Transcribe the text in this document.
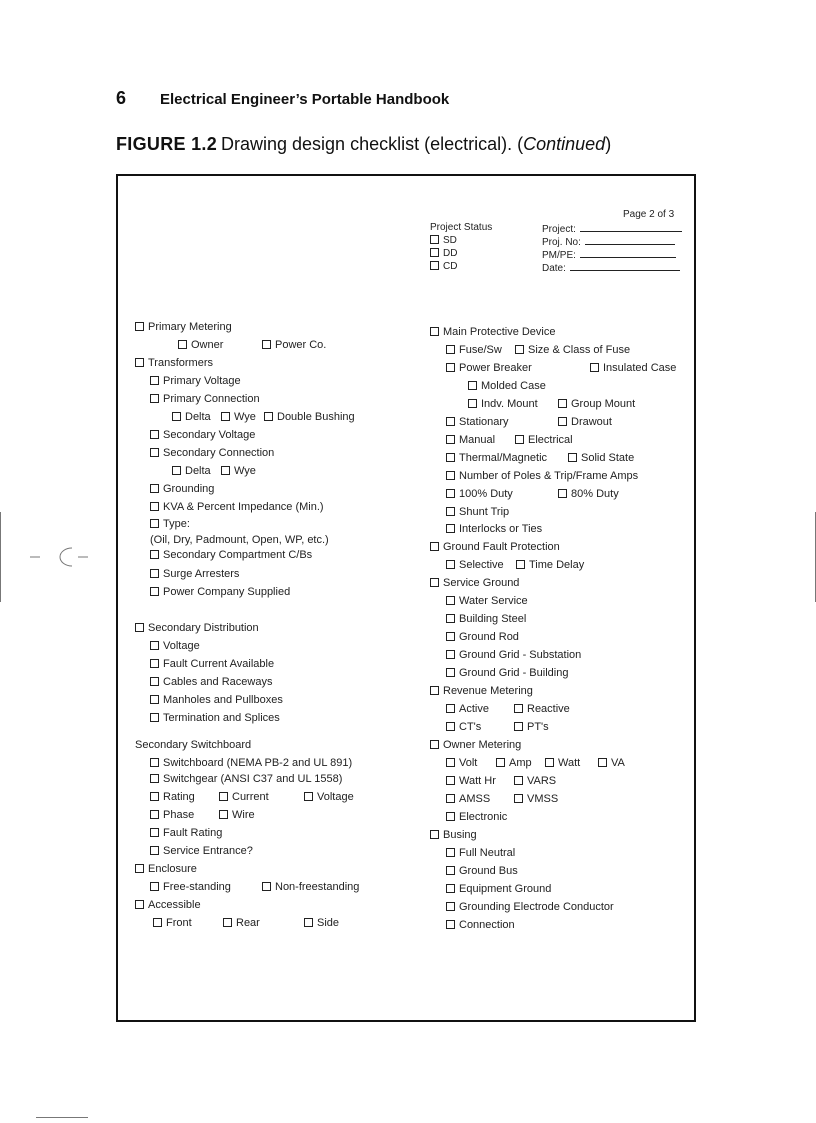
6 Electrical Engineer’s Portable Handbook
FIGURE 1.2 Drawing design checklist (electrical). (Continued)
Page 2 of 3
Project Status
SD
DD
CD
Project:
Proj. No:
PM/PE:
Date:
Primary Metering
Owner	Power Co.
Transformers
Primary Voltage
Primary Connection
Delta	Wye	Double Bushing
Secondary Voltage
Secondary Connection
Delta	Wye
Grounding
KVA & Percent Impedance (Min.)
Type:
(Oil, Dry, Padmount, Open, WP, etc.)
Secondary Compartment C/Bs
Surge Arresters
Power Company Supplied
Secondary Distribution
Voltage
Fault Current Available
Cables and Raceways
Manholes and Pullboxes
Termination and Splices
Secondary Switchboard
Switchboard (NEMA PB-2 and UL 891)
Switchgear (ANSI C37 and UL 1558)
Rating	Current	Voltage
Phase	Wire
Fault Rating
Service Entrance?
Enclosure
Free-standing	Non-freestanding
Accessible
Front	Rear	Side
Main Protective Device
Fuse/Sw	Size & Class of Fuse
Power Breaker	Insulated Case
Molded Case
Indv. Mount	Group Mount
Stationary	Drawout
Manual	Electrical
Thermal/Magnetic	Solid State
Number of Poles & Trip/Frame Amps
100% Duty	80% Duty
Shunt Trip
Interlocks or Ties
Ground Fault Protection
Selective	Time Delay
Service Ground
Water Service
Building Steel
Ground Rod
Ground Grid - Substation
Ground Grid - Building
Revenue Metering
Active	Reactive
CT's	PT's
Owner Metering
Volt	Amp	Watt	VA
Watt Hr	VARS
AMSS	VMSS
Electronic
Busing
Full Neutral
Ground Bus
Equipment Ground
Grounding Electrode Conductor
Connection
